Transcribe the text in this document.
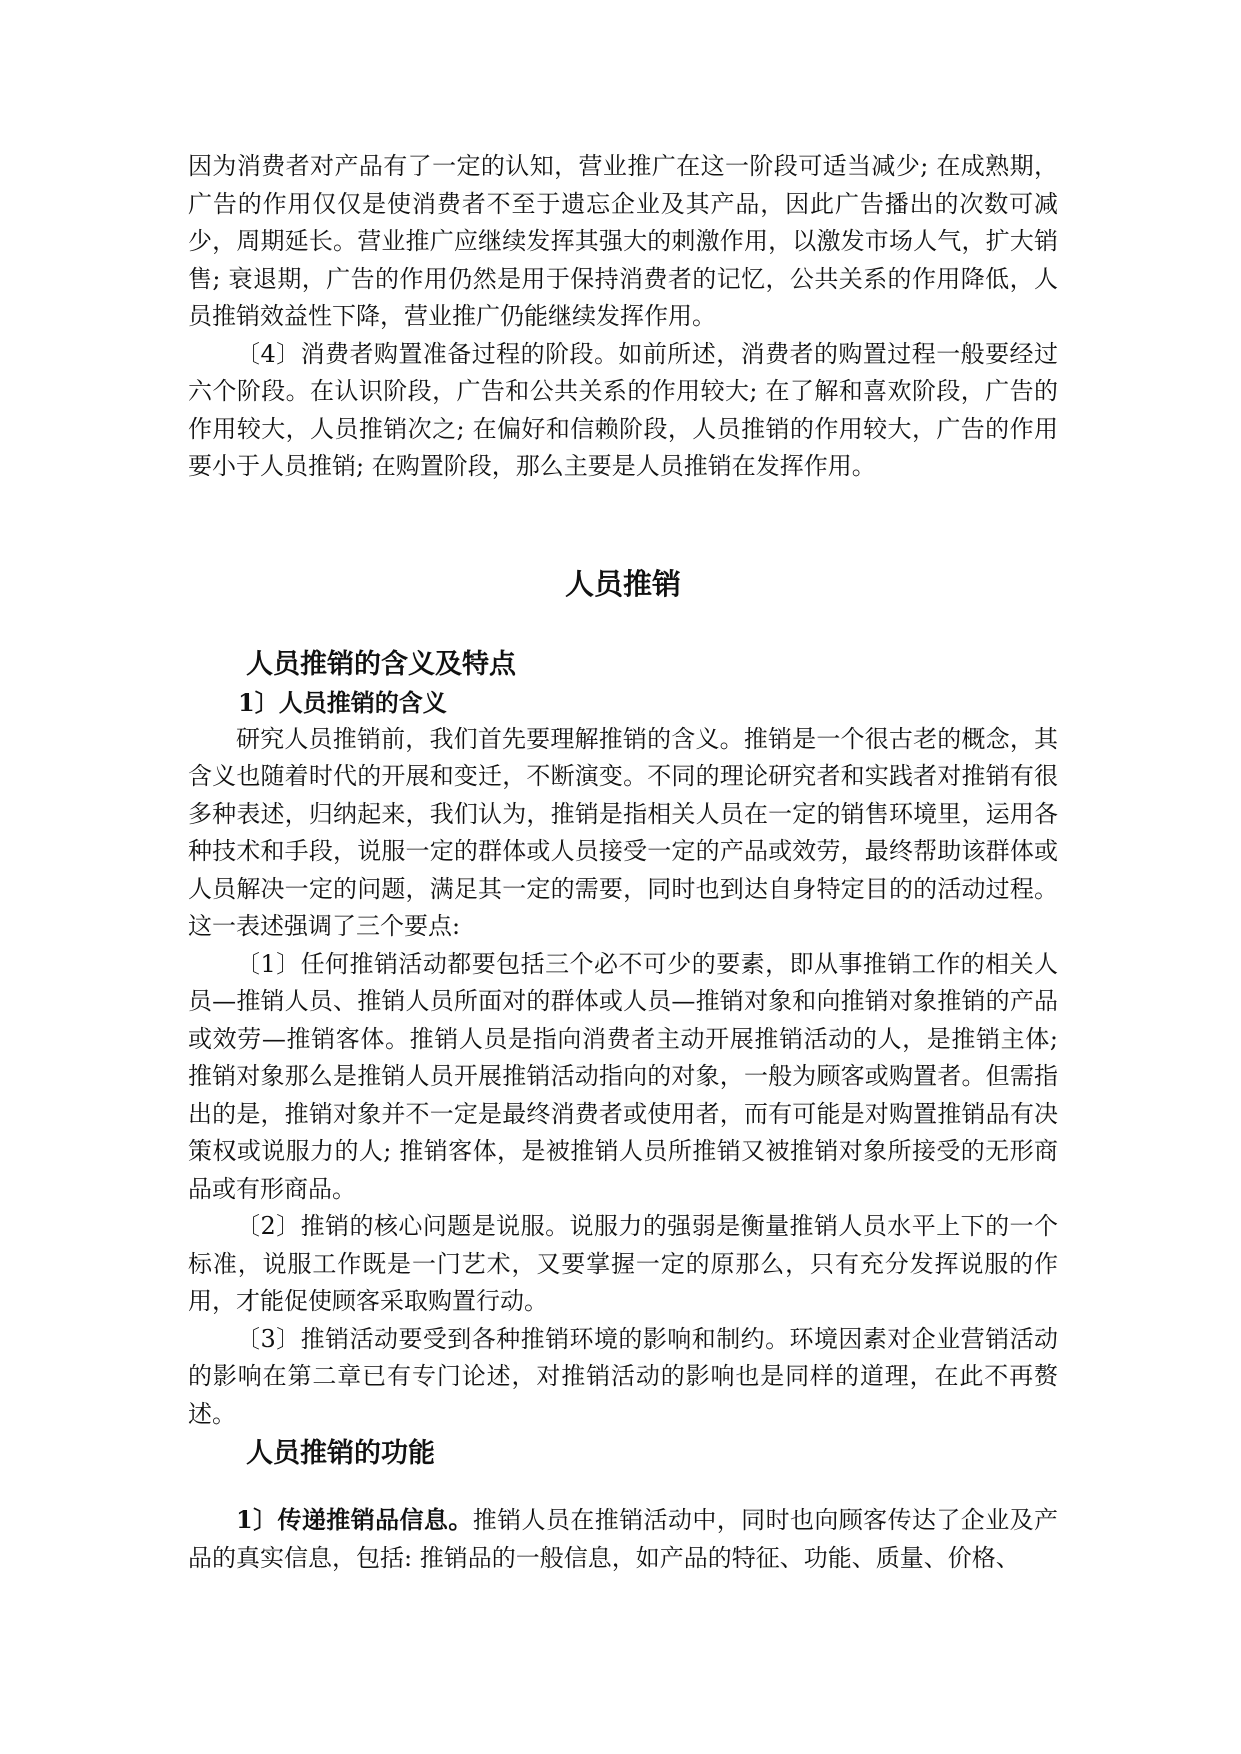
因为消费者对产品有了一定的认知，营业推广在这一阶段可适当减少; 在成熟期，广告的作用仅仅是使消费者不至于遗忘企业及其产品，因此广告播出的次数可减少，周期延长。营业推广应继续发挥其强大的刺激作用，以激发市场人气，扩大销售; 衰退期，广告的作用仍然是用于保持消费者的记忆，公共关系的作用降低，人员推销效益性下降，营业推广仍能继续发挥作用。

〔4〕消费者购置准备过程的阶段。如前所述，消费者的购置过程一般要经过六个阶段。在认识阶段，广告和公共关系的作用较大; 在了解和喜欢阶段，广告的作用较大，人员推销次之; 在偏好和信赖阶段，人员推销的作用较大，广告的作用要小于人员推销; 在购置阶段，那么主要是人员推销在发挥作用。

人员推销
人员推销的含义及特点
1〕人员推销的含义

研究人员推销前，我们首先要理解推销的含义。推销是一个很古老的概念，其含义也随着时代的开展和变迁，不断演变。不同的理论研究者和实践者对推销有很多种表述，归纳起来，我们认为，推销是指相关人员在一定的销售环境里，运用各种技术和手段，说服一定的群体或人员接受一定的产品或效劳，最终帮助该群体或人员解决一定的问题，满足其一定的需要，同时也到达自身特定目的的活动过程。这一表述强调了三个要点:

〔1〕任何推销活动都要包括三个必不可少的要素，即从事推销工作的相关人员—推销人员、推销人员所面对的群体或人员—推销对象和向推销对象推销的产品或效劳—推销客体。推销人员是指向消费者主动开展推销活动的人，是推销主体; 推销对象那么是推销人员开展推销活动指向的对象，一般为顾客或购置者。但需指出的是，推销对象并不一定是最终消费者或使用者，而有可能是对购置推销品有决策权或说服力的人; 推销客体，是被推销人员所推销又被推销对象所接受的无形商品或有形商品。

〔2〕推销的核心问题是说服。说服力的强弱是衡量推销人员水平上下的一个标准，说服工作既是一门艺术，又要掌握一定的原那么，只有充分发挥说服的作用，才能促使顾客采取购置行动。

〔3〕推销活动要受到各种推销环境的影响和制约。环境因素对企业营销活动的影响在第二章已有专门论述，对推销活动的影响也是同样的道理，在此不再赘述。

人员推销的功能

1〕传递推销品信息。推销人员在推销活动中，同时也向顾客传达了企业及产品的真实信息，包括: 推销品的一般信息，如产品的特征、功能、质量、价格、
